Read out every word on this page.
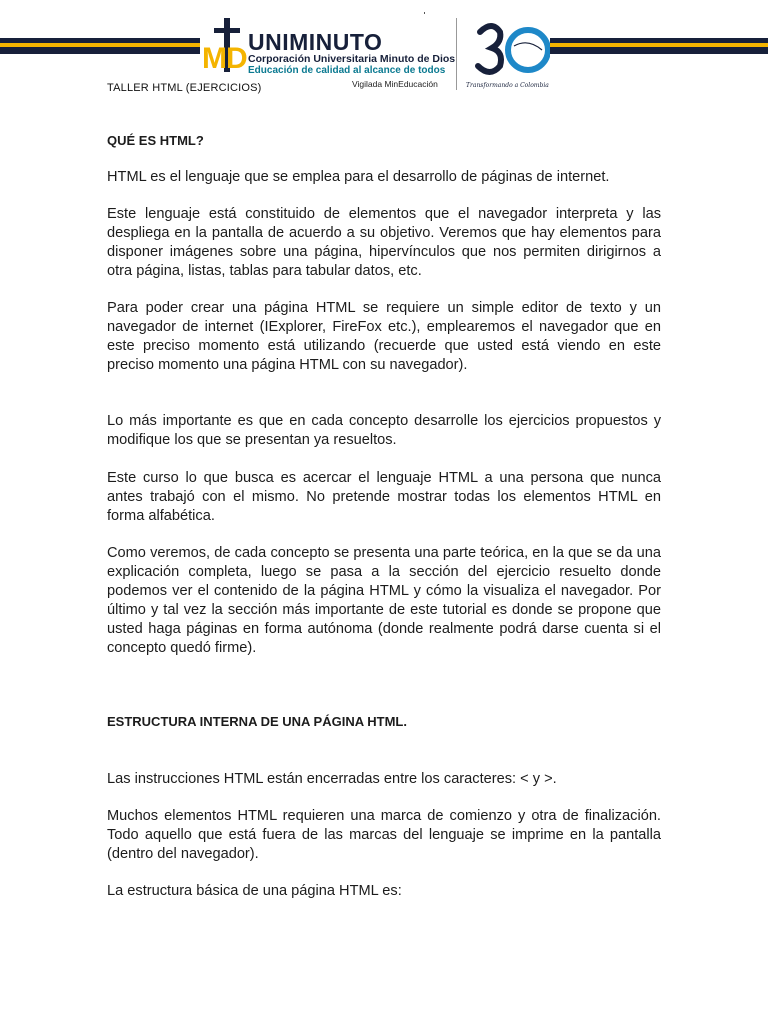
M D UNIMINUTO
Corporación Universitaria Minuto de Dios
Educación de calidad al alcance de todos
Vigilada MinEducación	Transformando a Colombia
TALLER HTML (EJERCICIOS)
QUÉ ES HTML?

HTML es el lenguaje que se emplea para el desarrollo de páginas de internet.

Este lenguaje está constituido de elementos que el navegador interpreta y las despliega en la pantalla de acuerdo a su objetivo. Veremos que hay elementos para disponer imágenes sobre una página, hipervínculos que nos permiten dirigirnos a otra página, listas, tablas para tabular datos, etc.

Para poder crear una página HTML se requiere un simple editor de texto y un navegador de internet (IExplorer, FireFox etc.), emplearemos el navegador que en este preciso momento está utilizando (recuerde que usted está viendo en este preciso momento una página HTML con su navegador).

Lo más importante es que en cada concepto desarrolle los ejercicios propuestos y modifique los que se presentan ya resueltos.

Este curso lo que busca es acercar el lenguaje HTML a una persona que nunca antes trabajó con el mismo. No pretende mostrar todas los elementos HTML en forma alfabética.

Como veremos, de cada concepto se presenta una parte teórica, en la que se da una explicación completa, luego se pasa a la sección del ejercicio resuelto donde podemos ver el contenido de la página HTML y cómo la visualiza el navegador. Por último y tal vez la sección más importante de este tutorial es donde se propone que usted haga páginas en forma autónoma (donde realmente podrá darse cuenta si el concepto quedó firme).

ESTRUCTURA INTERNA DE UNA PÁGINA HTML.

Las instrucciones HTML están encerradas entre los caracteres: < y >.

Muchos elementos HTML requieren una marca de comienzo y otra de finalización. Todo aquello que está fuera de las marcas del lenguaje se imprime en la pantalla (dentro del navegador).

La estructura básica de una página HTML es:
